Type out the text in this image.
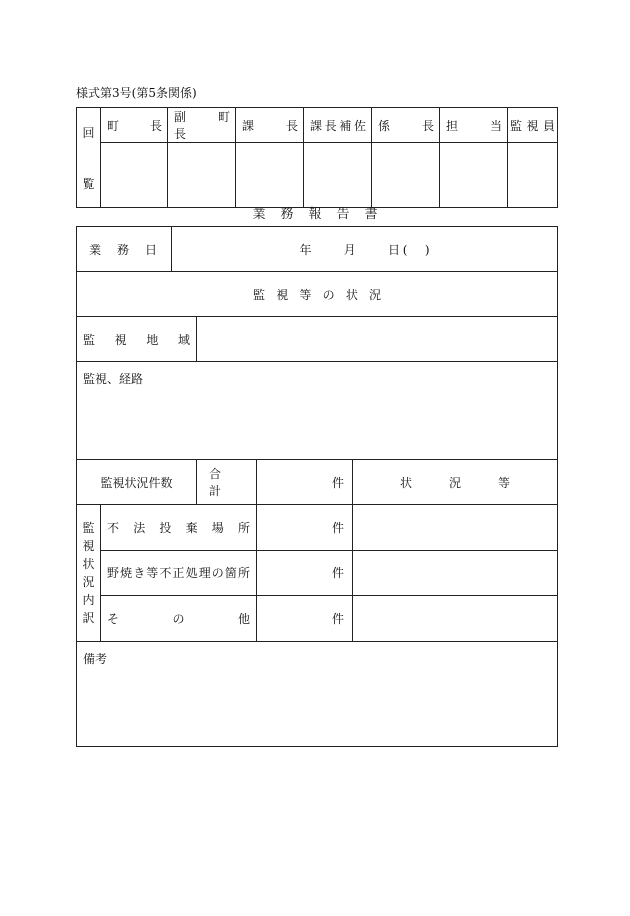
様式第3号(第5条関係)
回
覧	町　長	副　町　長	課　長	課長補佐	係　長	担　当	監視員

業務報告書
業　務　日		年　　月　　日(　)			
監視等の状況					

監　視　地　域					

監視、経路					
監視状況件数			合　計	件	状　　況　　等

監視状況内訳	不　法　投　棄　場　所			件	

	野焼き等不正処理の箇所			件	

	そ　　の　　他			件	
備考					
